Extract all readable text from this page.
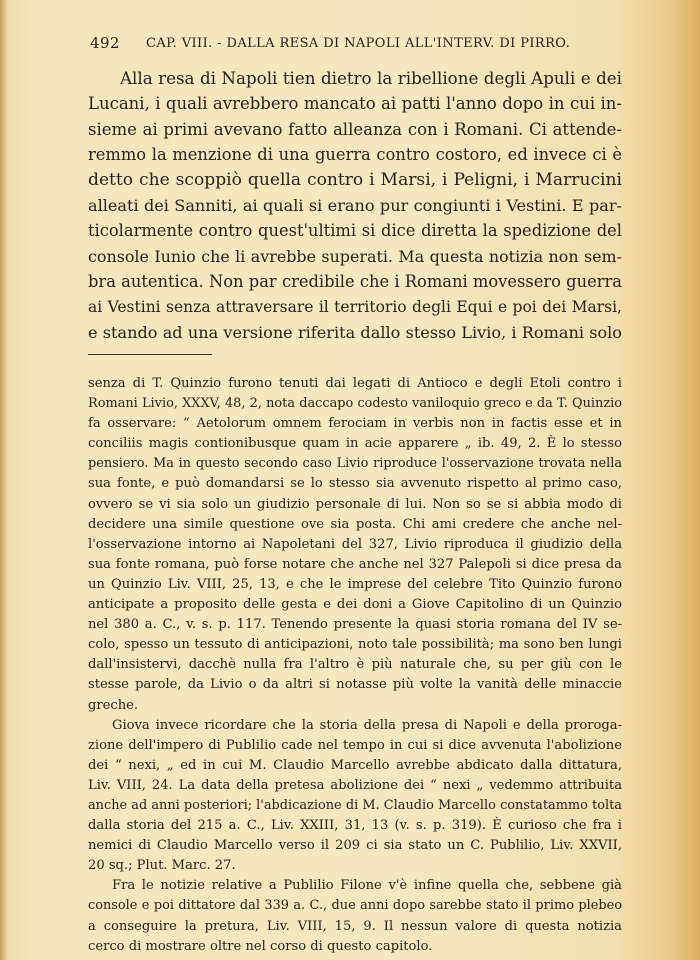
492 CAP. VIII. - DALLA RESA DI NAPOLI ALL'INTERV. DI PIRRO.
Alla resa di Napoli tien dietro la ribellione degli Apuli e dei
Lucani, i quali avrebbero mancato ai patti l'anno dopo in cui in-
sieme ai primi avevano fatto alleanza con i Romani. Ci attende-
remmo la menzione di una guerra contro costoro, ed invece ci è
detto che scoppiò quella contro i Marsi, i Peligni, i Marrucini
alleati dei Sanniti, ai quali si erano pur congiunti i Vestini. E par-
ticolarmente contro quest'ultimi si dice diretta la spedizione del
console Iunio che li avrebbe superati. Ma questa notizia non sem-
bra autentica. Non par credibile che i Romani movessero guerra
ai Vestini senza attraversare il territorio degli Equi e poi dei Marsi,
e stando ad una versione riferita dallo stesso Livio, i Romani solo
senza di T. Quinzio furono tenuti dai legati di Antioco e degli Etoli contro i
Romani Livio, XXXV, 48, 2, nota daccapo codesto vaniloquio greco e da T. Quinzio
fa osservare: “ Aetolorum omnem ferociam in verbis non in factis esse et in
conciliis magis contionibusque quam in acie apparere „ ib. 49, 2. È lo stesso
pensiero. Ma in questo secondo caso Livio riproduce l'osservazione trovata nella
sua fonte, e può domandarsi se lo stesso sia avvenuto rispetto al primo caso,
ovvero se vi sia solo un giudizio personale di lui. Non so se si abbia modo di
decidere una simile questione ove sia posta. Chi ami credere che anche nel-
l'osservazione intorno ai Napoletani del 327, Livio riproduca il giudizio della
sua fonte romana, può forse notare che anche nel 327 Palepoli si dice presa da
un Quinzio Liv. VIII, 25, 13, e che le imprese del celebre Tito Quinzio furono
anticipate a proposito delle gesta e dei doni a Giove Capitolino di un Quinzio
nel 380 a. C., v. s. p. 117. Tenendo presente la quasi storia romana del IV se-
colo, spesso un tessuto di anticipazioni, noto tale possibilità; ma sono ben lungi
dall'insistervi, dacchè nulla fra l'altro è più naturale che, su per giù con le
stesse parole, da Livio o da altri si notasse più volte la vanità delle minaccie
greche.
Giova invece ricordare che la storia della presa di Napoli e della proroga-
zione dell'impero di Publilio cade nel tempo in cui si dice avvenuta l'abolizione
dei “ nexi, „ ed in cui M. Claudio Marcello avrebbe abdicato dalla dittatura,
Liv. VIII, 24. La data della pretesa abolizione dei “ nexi „ vedemmo attribuita
anche ad anni posteriori; l'abdicazione di M. Claudio Marcello constatammo tolta
dalla storia del 215 a. C., Liv. XXIII, 31, 13 (v. s. p. 319). È curioso che fra i
nemici di Claudio Marcello verso il 209 ci sia stato un C. Publilio, Liv. XXVII,
20 sq.; Plut. Marc. 27.
Fra le notizie relative a Publilio Filone v'è infine quella che, sebbene già
console e poi dittatore dal 339 a. C., due anni dopo sarebbe stato il primo plebeo
a conseguire la pretura, Liv. VIII, 15, 9. Il nessun valore di questa notizia
cerco di mostrare oltre nel corso di questo capitolo.
